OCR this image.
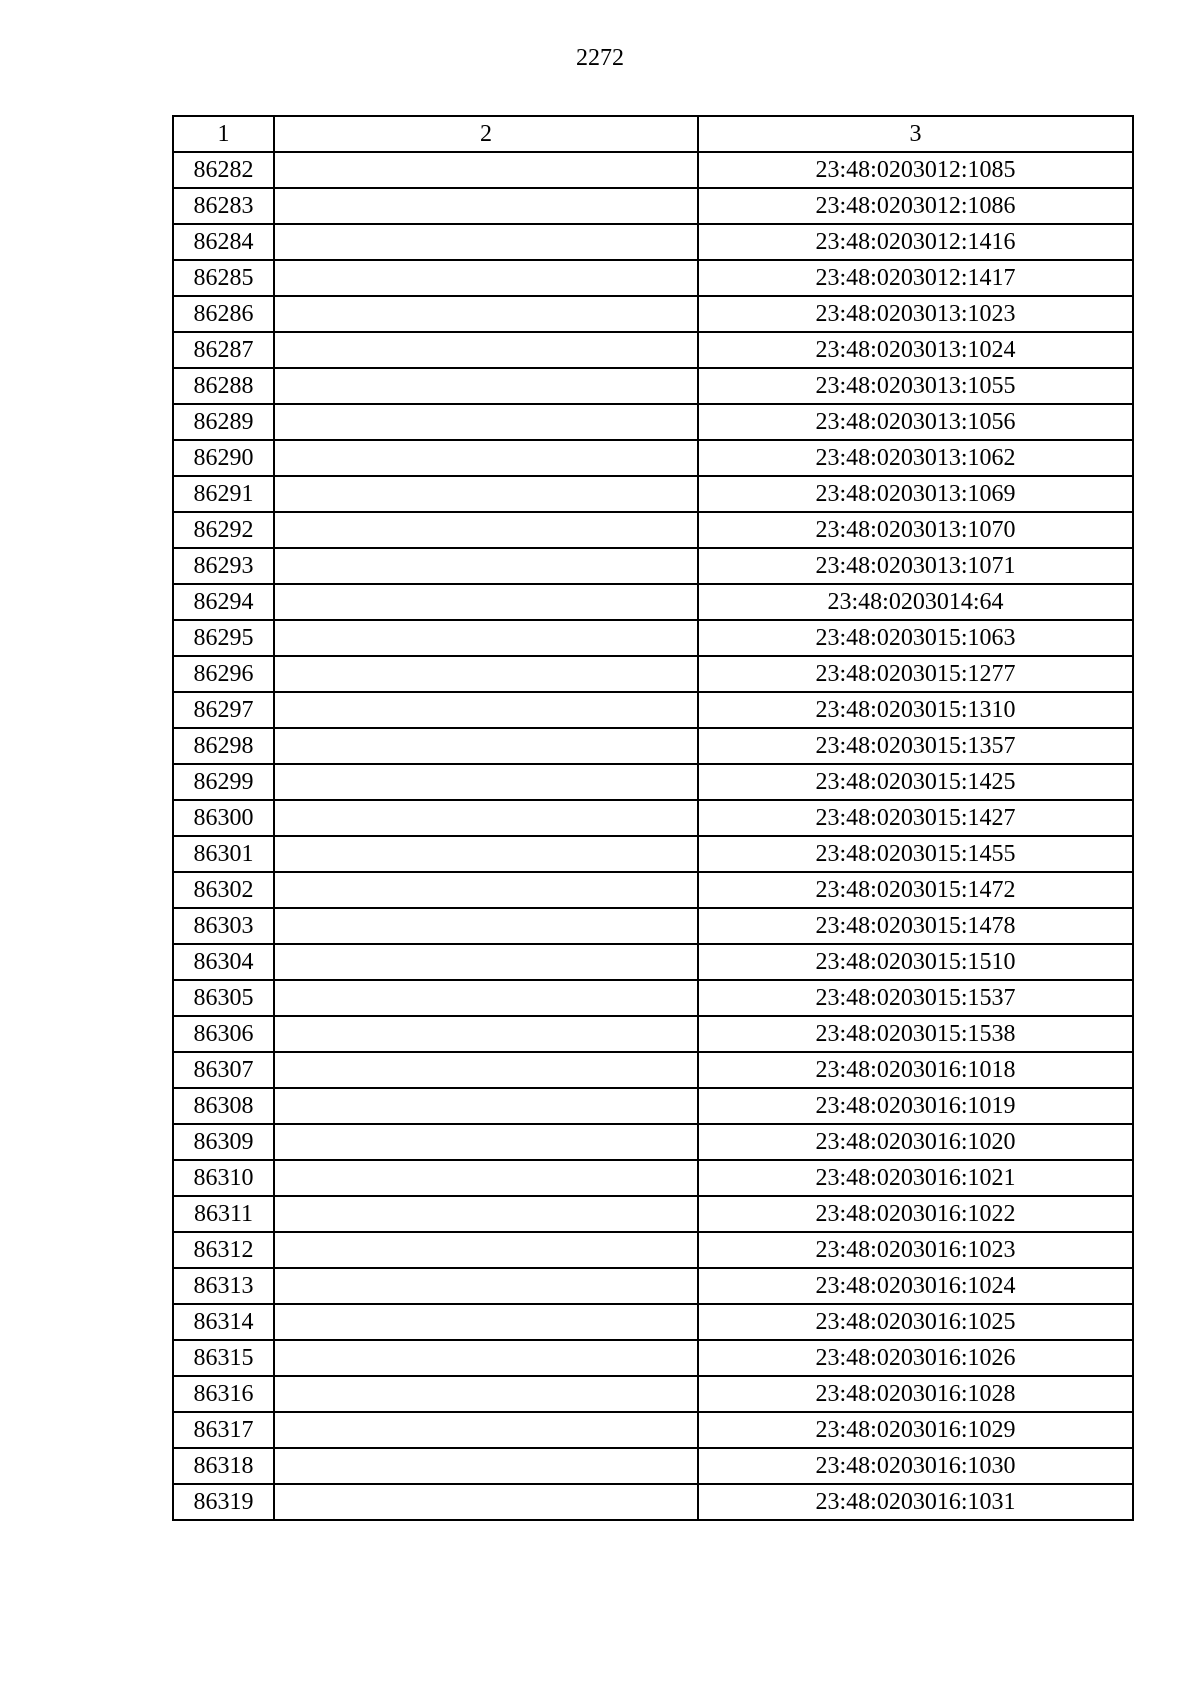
2272
1	2	3
86282		23:48:0203012:1085
86283		23:48:0203012:1086
86284		23:48:0203012:1416
86285		23:48:0203012:1417
86286		23:48:0203013:1023
86287		23:48:0203013:1024
86288		23:48:0203013:1055
86289		23:48:0203013:1056
86290		23:48:0203013:1062
86291		23:48:0203013:1069
86292		23:48:0203013:1070
86293		23:48:0203013:1071
86294		23:48:0203014:64
86295		23:48:0203015:1063
86296		23:48:0203015:1277
86297		23:48:0203015:1310
86298		23:48:0203015:1357
86299		23:48:0203015:1425
86300		23:48:0203015:1427
86301		23:48:0203015:1455
86302		23:48:0203015:1472
86303		23:48:0203015:1478
86304		23:48:0203015:1510
86305		23:48:0203015:1537
86306		23:48:0203015:1538
86307		23:48:0203016:1018
86308		23:48:0203016:1019
86309		23:48:0203016:1020
86310		23:48:0203016:1021
86311		23:48:0203016:1022
86312		23:48:0203016:1023
86313		23:48:0203016:1024
86314		23:48:0203016:1025
86315		23:48:0203016:1026
86316		23:48:0203016:1028
86317		23:48:0203016:1029
86318		23:48:0203016:1030
86319		23:48:0203016:1031
